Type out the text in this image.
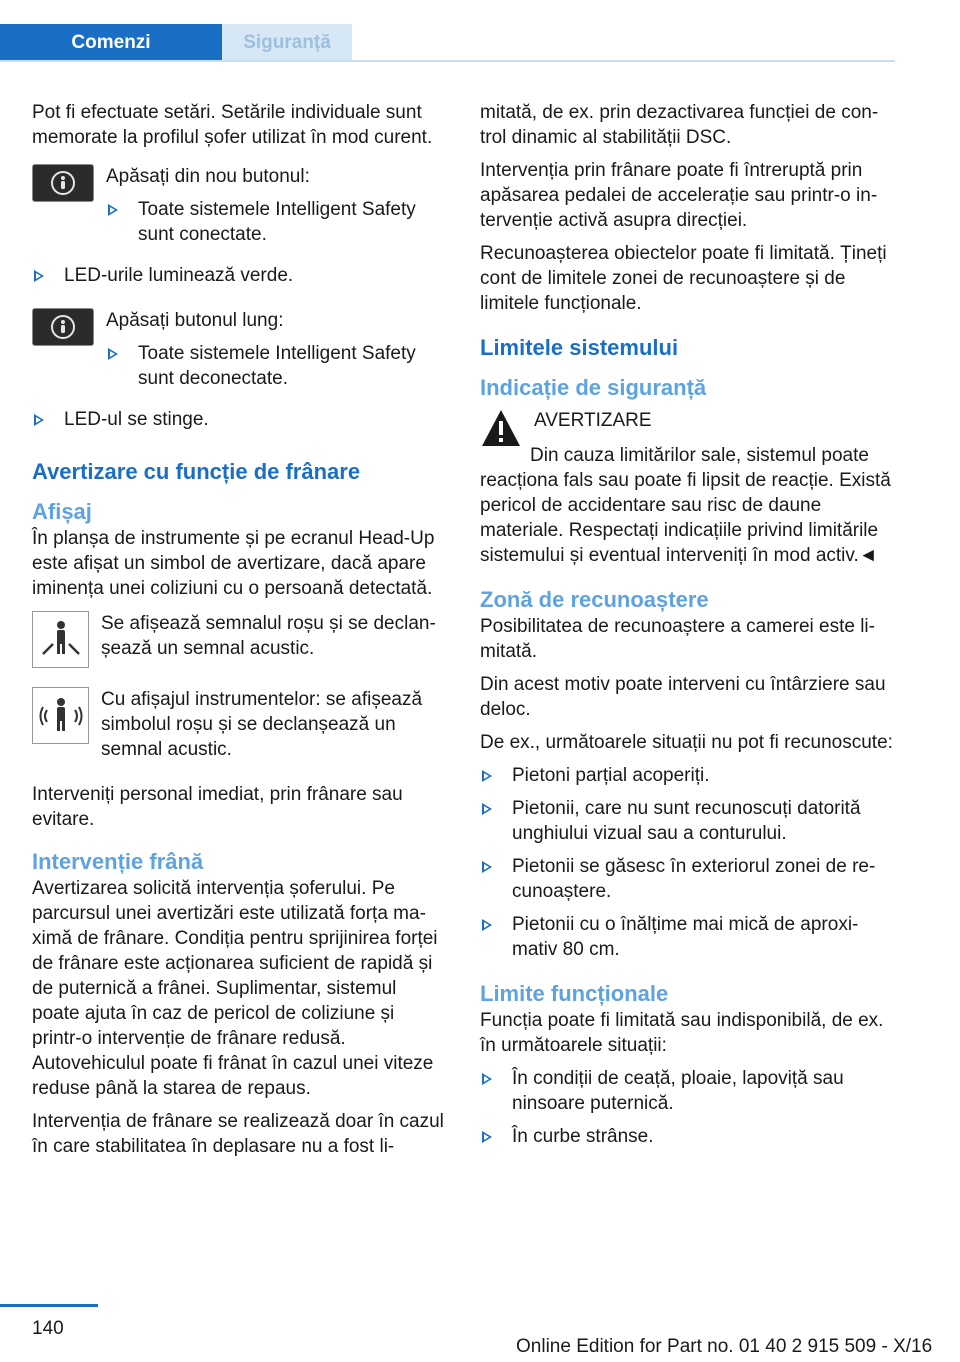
Comenzi	Siguranță

Pot fi efectuate setări. Setările individuale sunt memorate la profilul șofer utilizat în mod curent.

Apăsați din nou butonul:

Toate sistemele Intelligent Safety sunt conectate.
LED-urile luminează verde.

Apăsați butonul lung:

Toate sistemele Intelligent Safety sunt deconectate.
LED-ul se stinge.
Avertizare cu funcție de frânare
Afișaj

În planșa de instrumente și pe ecranul Head-Up este afișat un simbol de avertizare, dacă apare iminența unei coliziuni cu o persoană detectată.

Se afișează semnalul roșu și se declanșează un semnal acustic.

Cu afișajul instrumentelor: se afișează simbolul roșu și se declanșează un semnal acustic.

Interveniți personal imediat, prin frânare sau evitare.

Intervenție frână

Avertizarea solicită intervenția șoferului. Pe parcursul unei avertizări este utilizată forța maximă de frânare. Condiția pentru sprijinirea forței de frânare este acționarea suficient de rapidă și de puternică a frânei. Suplimentar, sistemul poate ajuta în caz de pericol de coliziune și printr-o intervenție de frânare redusă. Autovehiculul poate fi frânat în cazul unei viteze reduse până la starea de repaus.

Intervenția de frânare se realizează doar în cazul în care stabilitatea în deplasare nu a fost li-

mitată, de ex. prin dezactivarea funcției de control dinamic al stabilității DSC.

Intervenția prin frânare poate fi întreruptă prin apăsarea pedalei de accelerație sau printr-o intervenție activă asupra direcției.

Recunoașterea obiectelor poate fi limitată. Țineți cont de limitele zonei de recunoaștere și de limitele funcționale.

Limitele sistemului
Indicație de siguranță

AVERTIZARE

Din cauza limitărilor sale, sistemul poate reacționa fals sau poate fi lipsit de reacție. Există pericol de accidentare sau risc de daune materiale. Respectați indicațiile privind limitările sistemului și eventual interveniți în mod activ.◄

Zonă de recunoaștere

Posibilitatea de recunoaștere a camerei este limitată.

Din acest motiv poate interveni cu întârziere sau deloc.

De ex., următoarele situații nu pot fi recunoscute:

Pietoni parțial acoperiți.
Pietonii, care nu sunt recunoscuți datorită unghiului vizual sau a conturului.
Pietonii se găsesc în exteriorul zonei de recunoaștere.
Pietonii cu o înălțime mai mică de aproximativ 80 cm.
Limite funcționale

Funcția poate fi limitată sau indisponibilă, de ex. în următoarele situații:

În condiții de ceață, ploaie, lapoviță sau ninsoare puternică.
În curbe strânse.
140
Online Edition for Part no. 01 40 2 915 509 - X/16
